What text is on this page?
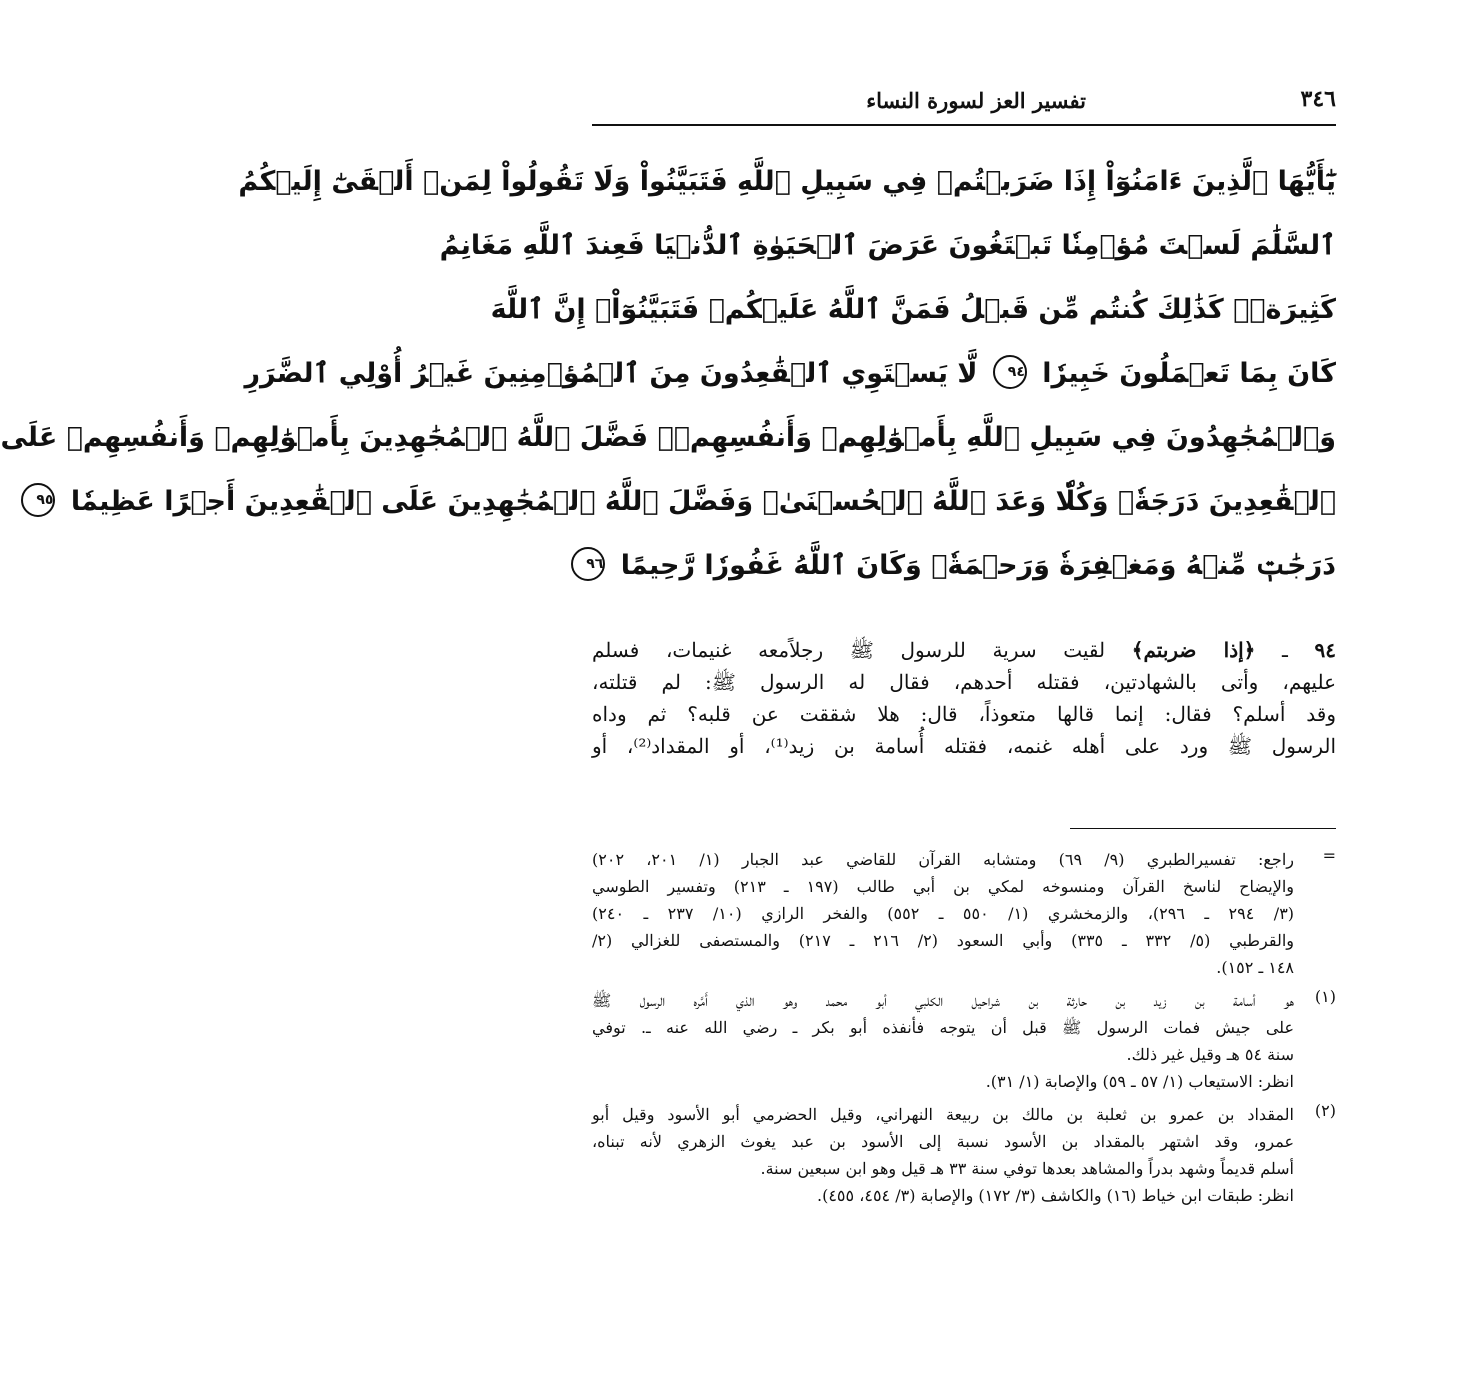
٣٤٦
تفسير العز لسورة النساء
يَٰٓأَيُّهَا ٱلَّذِينَ ءَامَنُوٓاْ إِذَا ضَرَبۡتُمۡ فِي سَبِيلِ ٱللَّهِ فَتَبَيَّنُواْ وَلَا تَقُولُواْ لِمَنۡ أَلۡقَىٰٓ إِلَيۡكُمُ
ٱلسَّلَٰمَ لَسۡتَ مُؤۡمِنٗا تَبۡتَغُونَ عَرَضَ ٱلۡحَيَوٰةِ ٱلدُّنۡيَا فَعِندَ ٱللَّهِ مَغَانِمُ
كَثِيرَةٞۚ كَذَٰلِكَ كُنتُم مِّن قَبۡلُ فَمَنَّ ٱللَّهُ عَلَيۡكُمۡ فَتَبَيَّنُوٓاْۚ إِنَّ ٱللَّهَ
كَانَ بِمَا تَعۡمَلُونَ خَبِيرٗا ٩٤ لَّا يَسۡتَوِي ٱلۡقَٰعِدُونَ مِنَ ٱلۡمُؤۡمِنِينَ غَيۡرُ أُوْلِي ٱلضَّرَرِ
وَٱلۡمُجَٰهِدُونَ فِي سَبِيلِ ٱللَّهِ بِأَمۡوَٰلِهِمۡ وَأَنفُسِهِمۡۚ فَضَّلَ ٱللَّهُ ٱلۡمُجَٰهِدِينَ بِأَمۡوَٰلِهِمۡ وَأَنفُسِهِمۡ عَلَى
ٱلۡقَٰعِدِينَ دَرَجَةٗۚ وَكُلّٗا وَعَدَ ٱللَّهُ ٱلۡحُسۡنَىٰۚ وَفَضَّلَ ٱللَّهُ ٱلۡمُجَٰهِدِينَ عَلَى ٱلۡقَٰعِدِينَ أَجۡرًا عَظِيمٗا ٩٥
دَرَجَٰتٖ مِّنۡهُ وَمَغۡفِرَةٗ وَرَحۡمَةٗۚ وَكَانَ ٱللَّهُ غَفُورٗا رَّحِيمًا ٩٦
٩٤ ـ ﴿إذا ضربتم﴾ لقيت سرية للرسول ﷺ رجلاًمعه غنيمات، فسلم
عليهم، وأتى بالشهادتين، فقتله أحدهم، فقال له الرسول ﷺ: لم قتلته،
وقد أسلم؟ فقال: إنما قالها متعوذاً، قال: هلا شققت عن قلبه؟ ثم وداه
الرسول ﷺ ورد على أهله غنمه، فقتله أُسامة بن زيد⁽¹⁾، أو المقداد⁽²⁾، أو
=
راجع: تفسيرالطبري (٩/ ٦٩) ومتشابه القرآن للقاضي عبد الجبار (١/ ٢٠١، ٢٠٢)
والإيضاح لناسخ القرآن ومنسوخه لمكي بن أبي طالب (١٩٧ ـ ٢١٣) وتفسير الطوسي
(٣/ ٢٩٤ ـ ٢٩٦)، والزمخشري (١/ ٥٥٠ ـ ٥٥٢) والفخر الرازي (١٠/ ٢٣٧ ـ ٢٤٠)
والقرطبي (٥/ ٣٣٢ ـ ٣٣٥) وأبي السعود (٢/ ٢١٦ ـ ٢١٧) والمستصفى للغزالي (٢/
١٤٨ ـ ١٥٢).
(١)
هو أسامة بن زيد بن حارثة بن شراحيل الكلبي أبو محمد وهو الذي أَمَّره الرسول ﷺ
على جيش فمات الرسول ﷺ قبل أن يتوجه فأنفذه أبو بكر ـ رضي الله عنه ـ. توفي
سنة ٥٤ هـ وقيل غير ذلك.
انظر: الاستيعاب (١/ ٥٧ ـ ٥٩) والإصابة (١/ ٣١).
(٢)
المقداد بن عمرو بن ثعلبة بن مالك بن ربيعة النهراني، وقيل الحضرمي أبو الأسود وقيل أبو
عمرو، وقد اشتهر بالمقداد بن الأسود نسبة إلى الأسود بن عبد يغوث الزهري لأنه تبناه،
أسلم قديماً وشهد بدراً والمشاهد بعدها توفي سنة ٣٣ هـ قيل وهو ابن سبعين سنة.
انظر: طبقات ابن خياط (١٦) والكاشف (٣/ ١٧٢) والإصابة (٣/ ٤٥٤، ٤٥٥).
